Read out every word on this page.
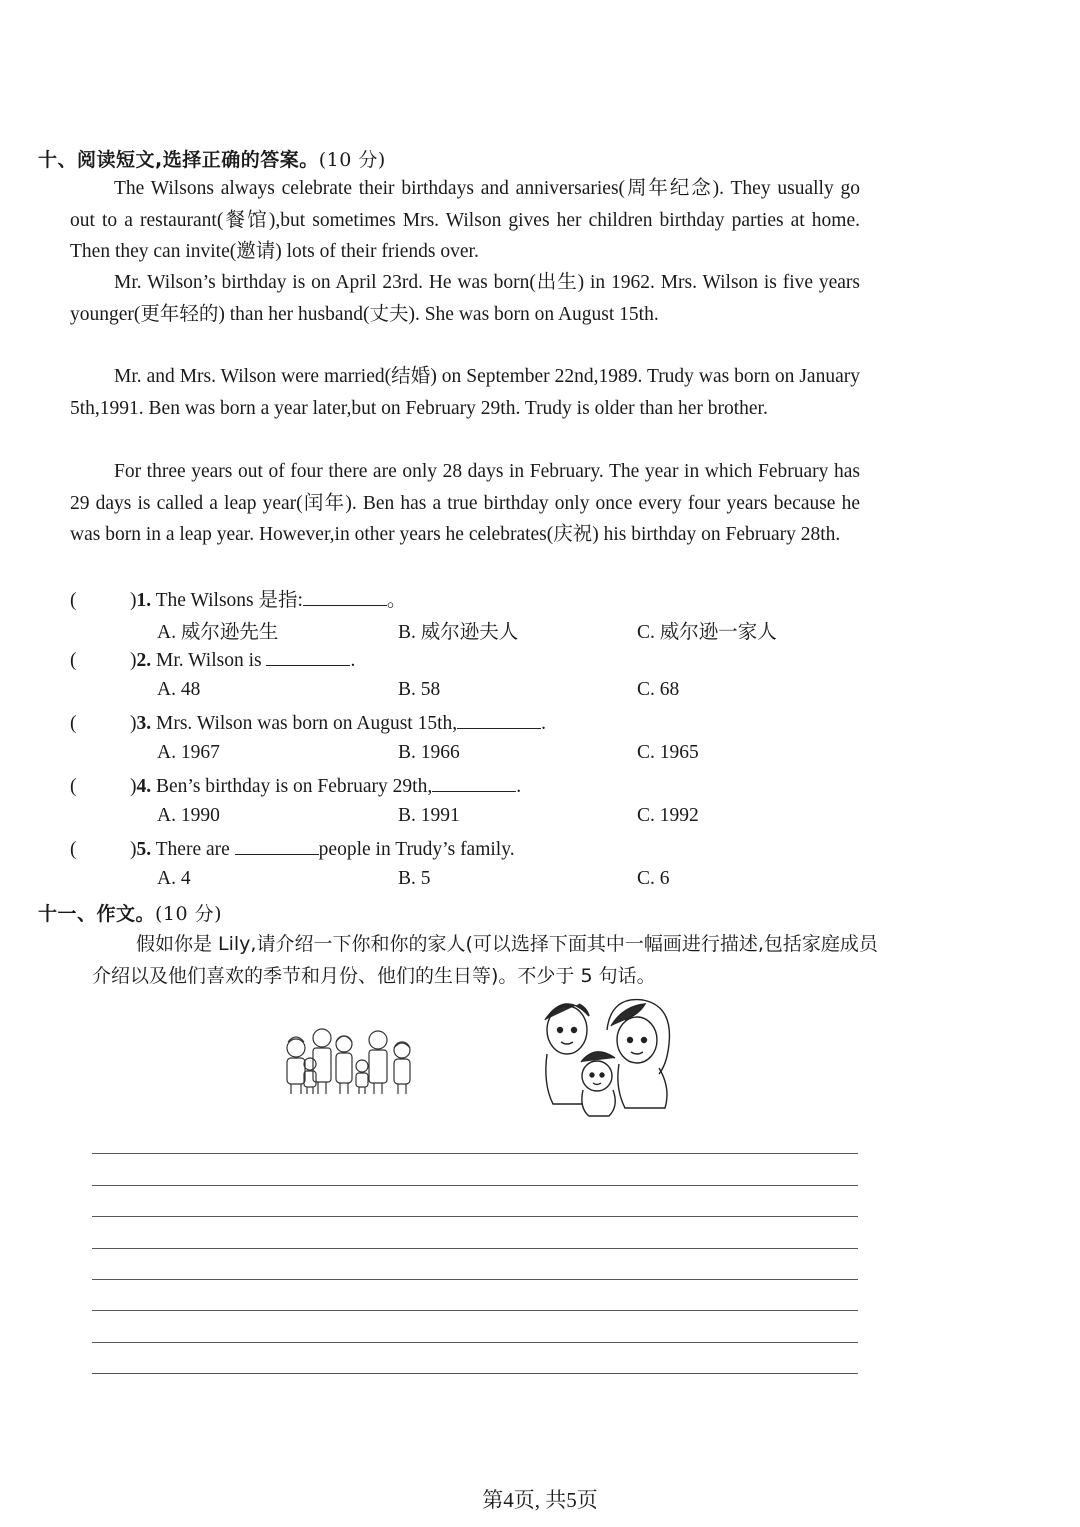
十、阅读短文,选择正确的答案。(10 分)
The Wilsons always celebrate their birthdays and anniversaries(周年纪念). They usually go out to a restaurant(餐馆),but sometimes Mrs. Wilson gives her children birthday parties at home. Then they can invite(邀请) lots of their friends over.
Mr. Wilson’s birthday is on April 23rd. He was born(出生) in 1962. Mrs. Wilson is five years younger(更年轻的) than her husband(丈夫). She was born on August 15th.
Mr. and Mrs. Wilson were married(结婚) on September 22nd,1989. Trudy was born on January 5th,1991. Ben was born a year later,but on February 29th. Trudy is older than her brother.
For three years out of four there are only 28 days in February. The year in which February has 29 days is called a leap year(闰年). Ben has a true birthday only once every four years because he was born in a leap year. However,in other years he celebrates(庆祝) his birthday on February 28th.
(	)1. The Wilsons 是指:	。
A. 威尔逊先生	B. 威尔逊夫人	C. 威尔逊一家人
(	)2. Mr. Wilson is	.
A. 48	B. 58	C. 68
(	)3. Mrs. Wilson was born on August 15th,	.
A. 1967	B. 1966	C. 1965
(	)4. Ben’s birthday is on February 29th,	.
A. 1990	B. 1991	C. 1992
(	)5. There are	people in Trudy’s family.
A. 4	B. 5	C. 6
十一、作文。(10 分)
假如你是 Lily,请介绍一下你和你的家人(可以选择下面其中一幅画进行描述,包括家庭成员介绍以及他们喜欢的季节和月份、他们的生日等)。不少于 5 句话。
第4页, 共5页
